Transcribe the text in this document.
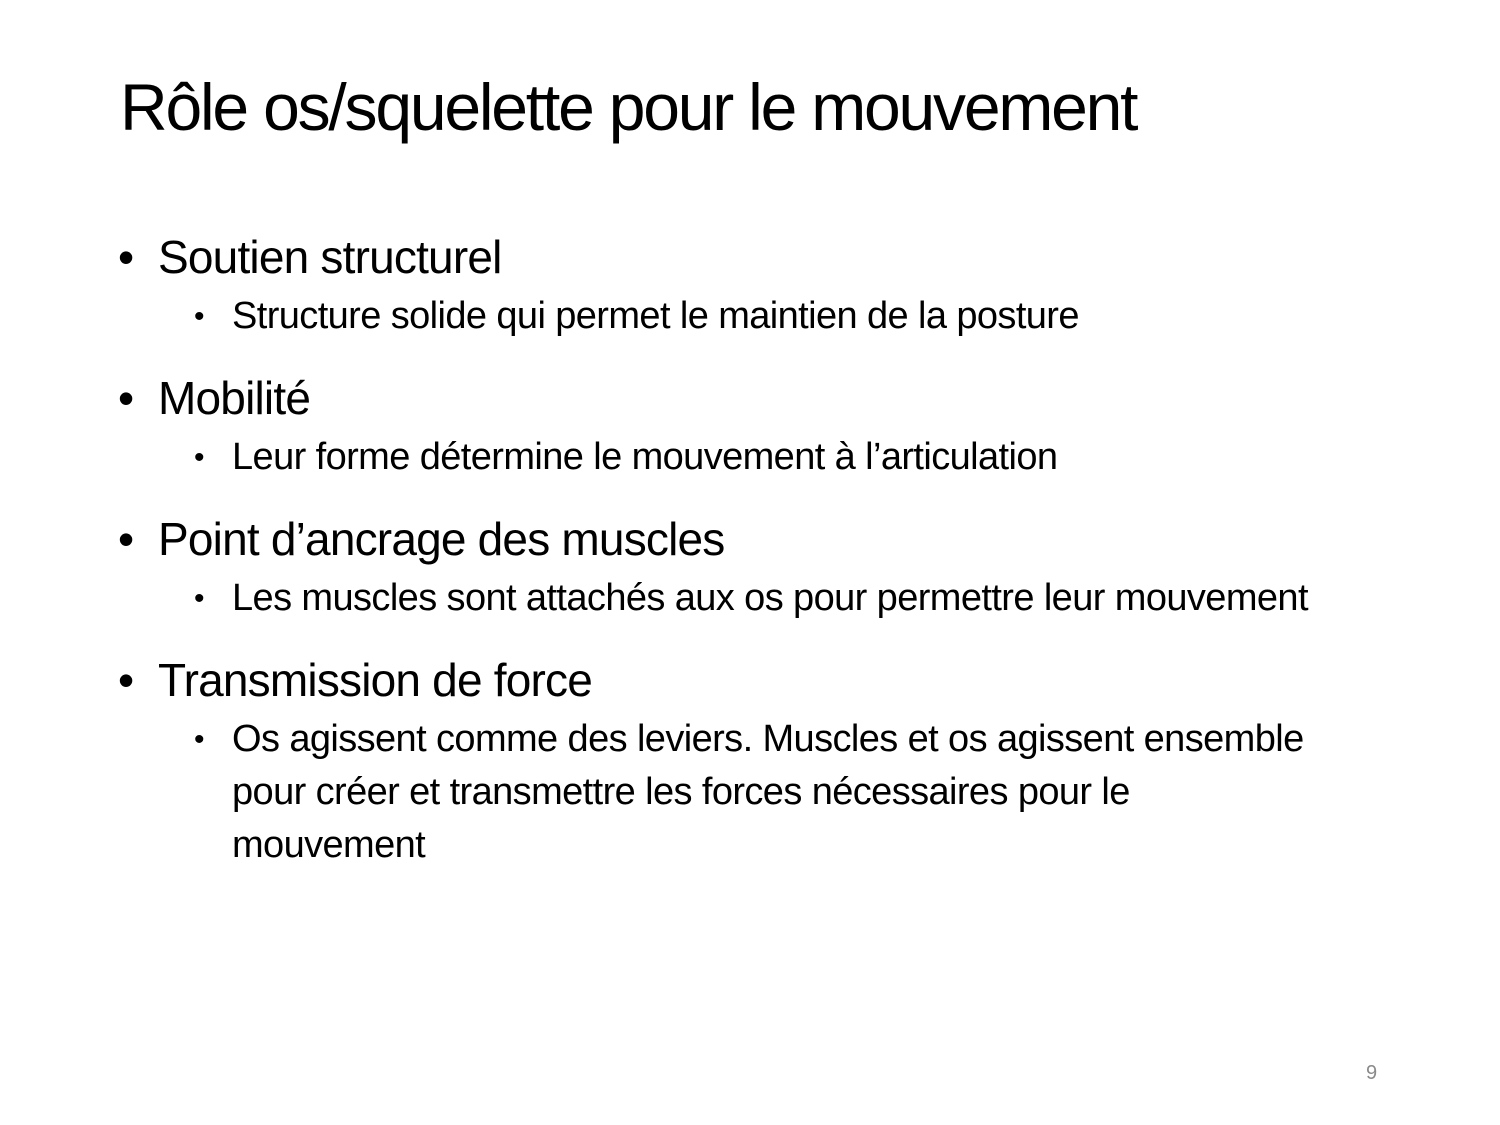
Rôle os/squelette pour le mouvement
• Soutien structurel
• Structure solide qui permet le maintien de la posture
• Mobilité
• Leur forme détermine le mouvement à l’articulation
• Point d’ancrage des muscles
• Les muscles sont attachés aux os pour permettre leur mouvement
• Transmission de force
• Os agissent comme des leviers. Muscles et os agissent ensemble pour créer et transmettre les forces nécessaires pour le mouvement
9
